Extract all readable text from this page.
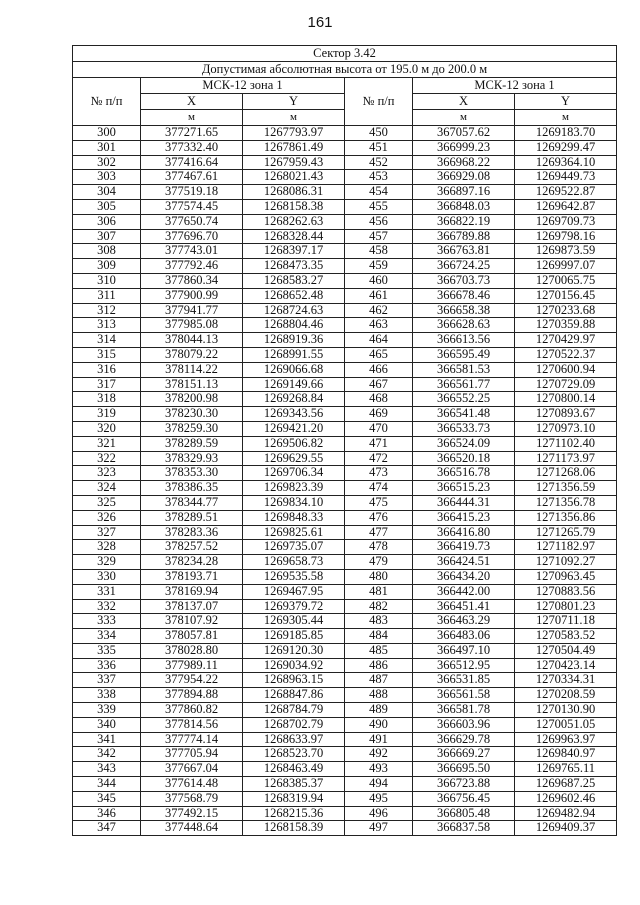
161
Сектор 3.42					
Допустимая абсолютная высота от 195.0 м до 200.0 м					
№ п/п	МСК-12 зона 1		№ п/п	МСК-12 зона 1	
	X	Y		X	Y
	м	м		м	м
300	377271.65	1267793.97	450	367057.62	1269183.70
301	377332.40	1267861.49	451	366999.23	1269299.47
302	377416.64	1267959.43	452	366968.22	1269364.10
303	377467.61	1268021.43	453	366929.08	1269449.73
304	377519.18	1268086.31	454	366897.16	1269522.87
305	377574.45	1268158.38	455	366848.03	1269642.87
306	377650.74	1268262.63	456	366822.19	1269709.73
307	377696.70	1268328.44	457	366789.88	1269798.16
308	377743.01	1268397.17	458	366763.81	1269873.59
309	377792.46	1268473.35	459	366724.25	1269997.07
310	377860.34	1268583.27	460	366703.73	1270065.75
311	377900.99	1268652.48	461	366678.46	1270156.45
312	377941.77	1268724.63	462	366658.38	1270233.68
313	377985.08	1268804.46	463	366628.63	1270359.88
314	378044.13	1268919.36	464	366613.56	1270429.97
315	378079.22	1268991.55	465	366595.49	1270522.37
316	378114.22	1269066.68	466	366581.53	1270600.94
317	378151.13	1269149.66	467	366561.77	1270729.09
318	378200.98	1269268.84	468	366552.25	1270800.14
319	378230.30	1269343.56	469	366541.48	1270893.67
320	378259.30	1269421.20	470	366533.73	1270973.10
321	378289.59	1269506.82	471	366524.09	1271102.40
322	378329.93	1269629.55	472	366520.18	1271173.97
323	378353.30	1269706.34	473	366516.78	1271268.06
324	378386.35	1269823.39	474	366515.23	1271356.59
325	378344.77	1269834.10	475	366444.31	1271356.78
326	378289.51	1269848.33	476	366415.23	1271356.86
327	378283.36	1269825.61	477	366416.80	1271265.79
328	378257.52	1269735.07	478	366419.73	1271182.97
329	378234.28	1269658.73	479	366424.51	1271092.27
330	378193.71	1269535.58	480	366434.20	1270963.45
331	378169.94	1269467.95	481	366442.00	1270883.56
332	378137.07	1269379.72	482	366451.41	1270801.23
333	378107.92	1269305.44	483	366463.29	1270711.18
334	378057.81	1269185.85	484	366483.06	1270583.52
335	378028.80	1269120.30	485	366497.10	1270504.49
336	377989.11	1269034.92	486	366512.95	1270423.14
337	377954.22	1268963.15	487	366531.85	1270334.31
338	377894.88	1268847.86	488	366561.58	1270208.59
339	377860.82	1268784.79	489	366581.78	1270130.90
340	377814.56	1268702.79	490	366603.96	1270051.05
341	377774.14	1268633.97	491	366629.78	1269963.97
342	377705.94	1268523.70	492	366669.27	1269840.97
343	377667.04	1268463.49	493	366695.50	1269765.11
344	377614.48	1268385.37	494	366723.88	1269687.25
345	377568.79	1268319.94	495	366756.45	1269602.46
346	377492.15	1268215.36	496	366805.48	1269482.94
347	377448.64	1268158.39	497	366837.58	1269409.37
